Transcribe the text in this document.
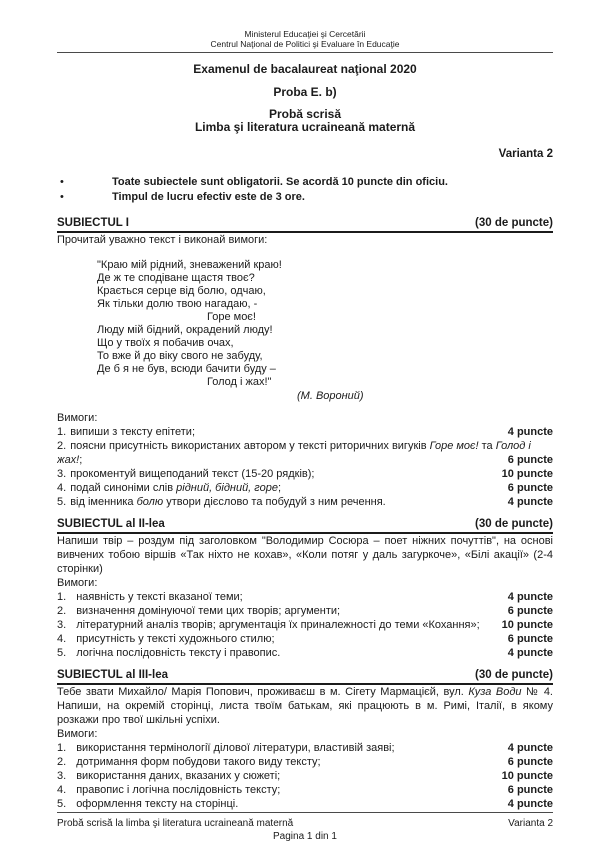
Ministerul Educaţiei şi Cercetării
Centrul Naţional de Politici şi Evaluare în Educaţie
Examenul de bacalaureat naţional 2020
Proba E. b)
Probă scrisă
Limba şi literatura ucraineană maternă
Varianta 2
•	Toate subiectele sunt obligatorii. Se acordă 10 puncte din oficiu.
•	Timpul de lucru efectiv este de 3 ore.
SUBIECTUL I	(30 de puncte)
Прочитай уважно текст і виконай вимоги:
"Краю мій рідний, зневажений краю!
Де ж те сподіване щастя твоє?
Крається серце від болю, одчаю,
Як тільки долю твою нагадаю, -
Горе моє!
Люду мій бідний, окрадений люду!
Що у твоїх я побачив очах,
То вже й до віку свого не забуду,
Де б я не був, всюди бачити буду –
Голод і жах!"
(М. Вороний)
Вимоги:
1. випиши з тексту епітети;	4 puncte
2. поясни присутність використаних автором у тексті риторичних вигуків Горе моє! та Голод і жах!;	6 puncte
3. прокоментуй вищеподаний текст (15-20 рядків);	10 puncte
4. подай синоніми слів рідний, бідний, горе;	6 puncte
5. від іменника болю утвори дієслово та побудуй з ним речення.	4 puncte
SUBIECTUL al II-lea	(30 de puncte)
Напиши твір – роздум під заголовком "Володимир Сосюра – поет ніжних почуттів", на основі вивчених тобою віршів «Так ніхто не кохав», «Коли потяг у даль загуркоче», «Білі акації» (2-4 сторінки)
Вимоги:
1. наявність у тексті вказаної теми;	4 puncte
2. визначення домінуючої теми цих творів; аргументи;	6 puncte
3. літературний аналіз творів; аргументація їх приналежності до теми «Кохання»; 10 puncte
4. присутність у тексті художнього стилю;	6 puncte
5. логічна послідовність тексту і правопис.	4 puncte
SUBIECTUL al III-lea	(30 de puncte)
Тебе звати Михайло/ Марія Попович, проживаєш в м. Сігету Мармацієй, вул. Куза Води № 4. Напиши, на окремій сторінці, листа твоїм батькам, які працюють в м. Римі, Італії, в якому розкажи про твої шкільні успіхи.
Вимоги:
1. використання термінології ділової літератури, властивій заяві;	4 puncte
2. дотримання форм побудови такого виду тексту;	6 puncte
3. використання даних, вказаних у сюжеті;	10 puncte
4. правопис і логічна послідовність тексту;	6 puncte
5. оформлення тексту на сторінці.	4 puncte
Probă scrisă la limba şi literatura ucraineană maternă	Varianta 2
Pagina 1 din 1
